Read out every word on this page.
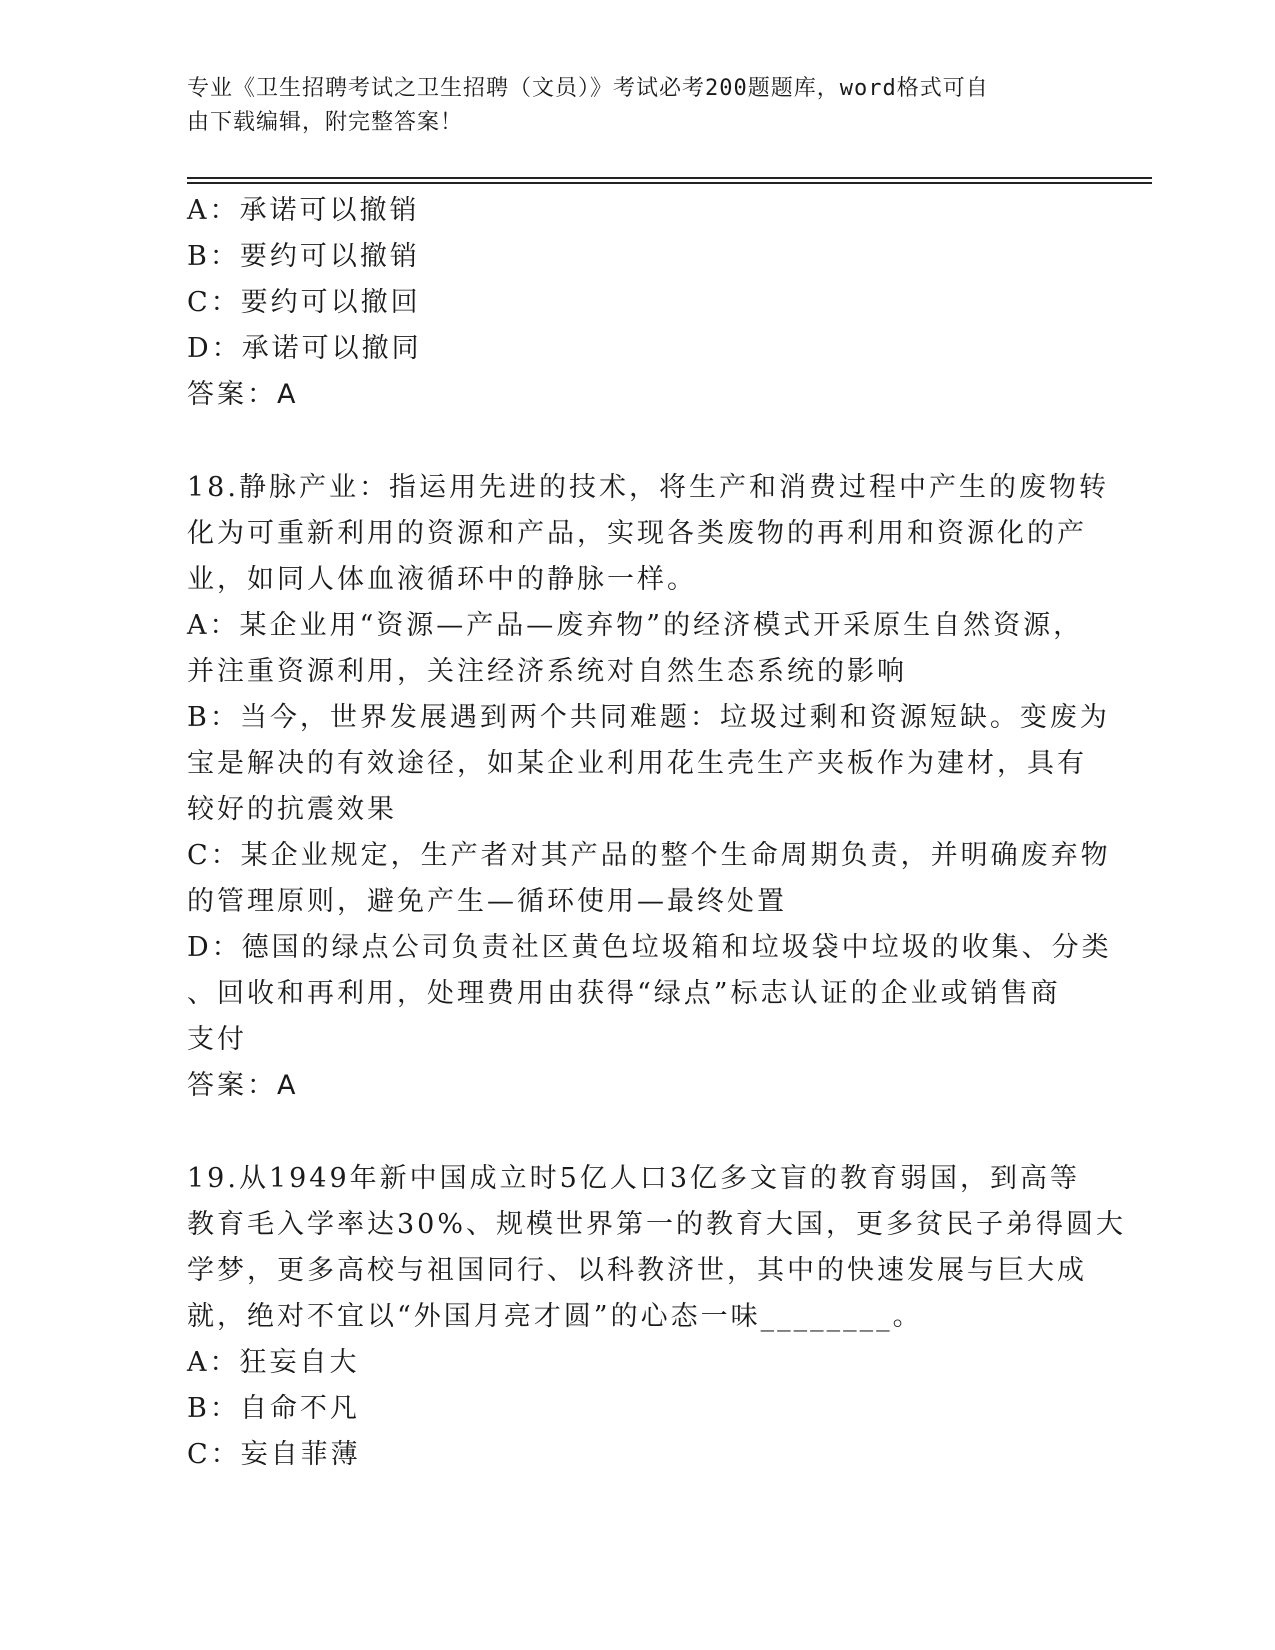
专业《卫生招聘考试之卫生招聘（文员）》考试必考200题题库，word格式可自
由下载编辑，附完整答案！
A：承诺可以撤销
B：要约可以撤销
C：要约可以撤回
D：承诺可以撤同
答案：A
18.静脉产业：指运用先进的技术，将生产和消费过程中产生的废物转
化为可重新利用的资源和产品，实现各类废物的再利用和资源化的产
业，如同人体血液循环中的静脉一样。
A：某企业用“资源—产品—废弃物”的经济模式开采原生自然资源，
并注重资源利用，关注经济系统对自然生态系统的影响
B：当今，世界发展遇到两个共同难题：垃圾过剩和资源短缺。变废为
宝是解决的有效途径，如某企业利用花生壳生产夹板作为建材，具有
较好的抗震效果
C：某企业规定，生产者对其产品的整个生命周期负责，并明确废弃物
的管理原则，避免产生—循环使用—最终处置
D：德国的绿点公司负责社区黄色垃圾箱和垃圾袋中垃圾的收集、分类
、回收和再利用，处理费用由获得“绿点”标志认证的企业或销售商
支付
答案：A
19.从1949年新中国成立时5亿人口3亿多文盲的教育弱国，到高等
教育毛入学率达30%、规模世界第一的教育大国，更多贫民子弟得圆大
学梦，更多高校与祖国同行、以科教济世，其中的快速发展与巨大成
就，绝对不宜以“外国月亮才圆”的心态一味________。
A：狂妄自大
B：自命不凡
C：妄自菲薄
